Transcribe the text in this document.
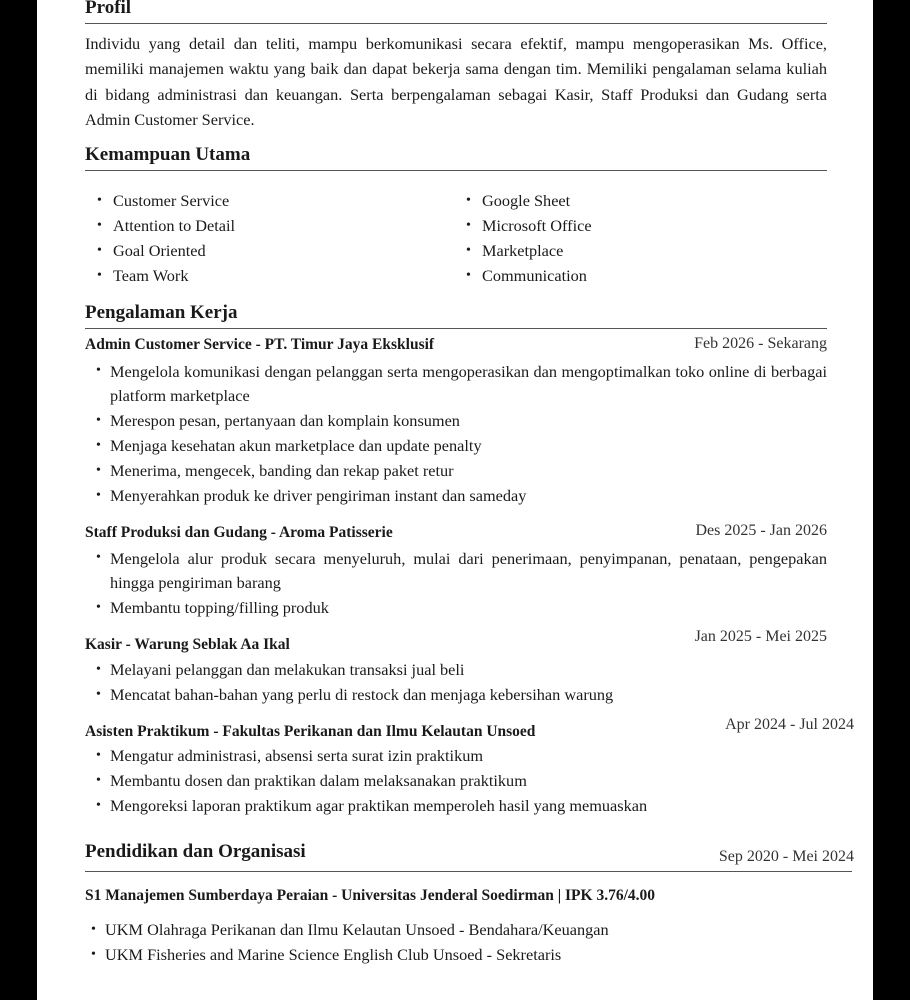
Profil
Individu yang detail dan teliti, mampu berkomunikasi secara efektif, mampu mengoperasikan Ms. Office, memiliki manajemen waktu yang baik dan dapat bekerja sama dengan tim. Memiliki pengalaman selama kuliah di bidang administrasi dan keuangan. Serta berpengalaman sebagai Kasir, Staff Produksi dan Gudang serta Admin Customer Service.
Kemampuan Utama
• Customer Service
• Attention to Detail
• Goal Oriented
• Team Work
• Google Sheet
• Microsoft Office
• Marketplace
• Communication
Pengalaman Kerja
Admin Customer Service - PT. Timur Jaya Eksklusif	Feb 2026 - Sekarang
• Mengelola komunikasi dengan pelanggan serta mengoperasikan dan mengoptimalkan toko online di berbagai platform marketplace
• Merespon pesan, pertanyaan dan komplain konsumen
• Menjaga kesehatan akun marketplace dan update penalty
• Menerima, mengecek, banding dan rekap paket retur
• Menyerahkan produk ke driver pengiriman instant dan sameday
Staff Produksi dan Gudang - Aroma Patisserie	Des 2025 - Jan 2026
• Mengelola alur produk secara menyeluruh, mulai dari penerimaan, penyimpanan, penataan, pengepakan hingga pengiriman barang
• Membantu topping/filling produk
Kasir - Warung Seblak Aa Ikal	Jan 2025 - Mei 2025
• Melayani pelanggan dan melakukan transaksi jual beli
• Mencatat bahan-bahan yang perlu di restock dan menjaga kebersihan warung
Asisten Praktikum - Fakultas Perikanan dan Ilmu Kelautan Unsoed	Apr 2024 - Jul 2024
• Mengatur administrasi, absensi serta surat izin praktikum
• Membantu dosen dan praktikan dalam melaksanakan praktikum
• Mengoreksi laporan praktikum agar praktikan memperoleh hasil yang memuaskan
Pendidikan dan Organisasi	Sep 2020 - Mei 2024
S1 Manajemen Sumberdaya Peraian - Universitas Jenderal Soedirman | IPK 3.76/4.00
• UKM Olahraga Perikanan dan Ilmu Kelautan Unsoed - Bendahara/Keuangan
• UKM Fisheries and Marine Science English Club Unsoed - Sekretaris
